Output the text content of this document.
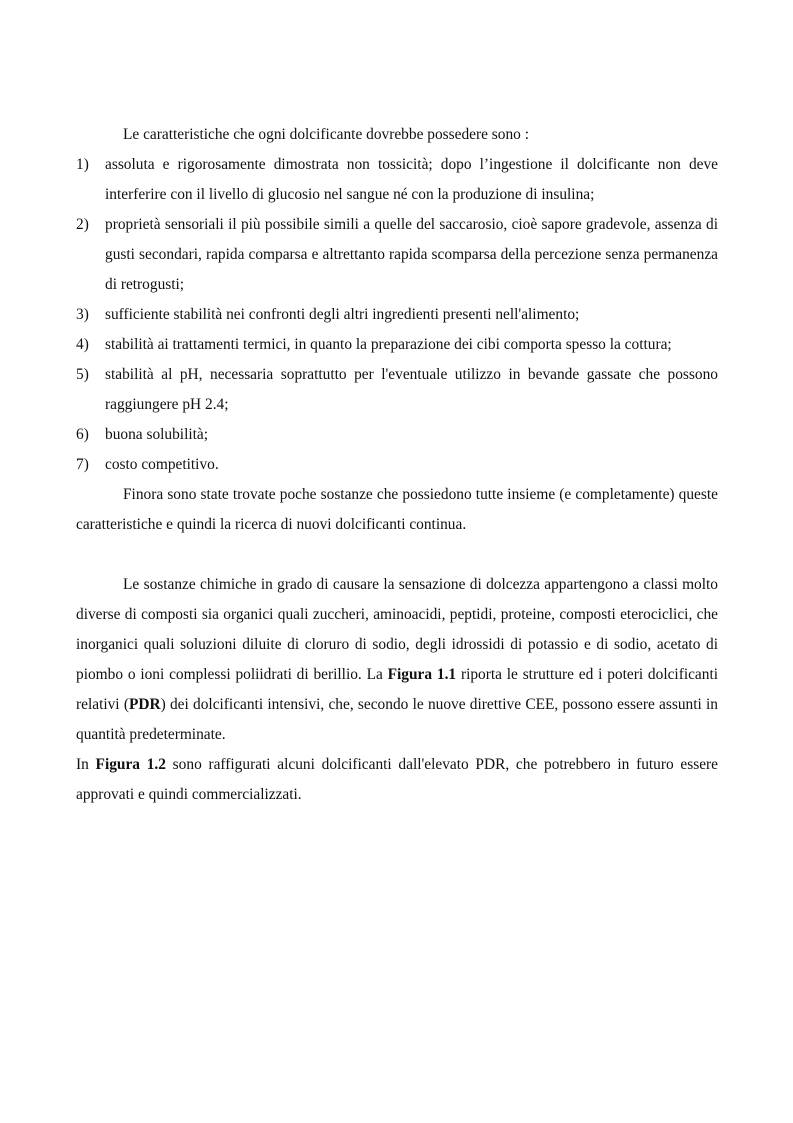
Le caratteristiche che ogni dolcificante dovrebbe possedere sono :

1) assoluta e rigorosamente dimostrata non tossicità; dopo l’ingestione il dolcificante non deve interferire con il livello di glucosio nel sangue né con la produzione di insulina;
2) proprietà sensoriali il più possibile simili a quelle del saccarosio, cioè sapore gradevole, assenza di gusti secondari, rapida comparsa e altrettanto rapida scomparsa della percezione senza permanenza di retrogusti;
3) sufficiente stabilità nei confronti degli altri ingredienti presenti nell'alimento;
4) stabilità ai trattamenti termici, in quanto la preparazione dei cibi comporta spesso la cottura;
5) stabilità al pH, necessaria soprattutto per l'eventuale utilizzo in bevande gassate che possono raggiungere pH 2.4;
6) buona solubilità;
7) costo competitivo.

Finora sono state trovate poche sostanze che possiedono tutte insieme (e completamente) queste caratteristiche e quindi la ricerca di nuovi dolcificanti continua.

Le sostanze chimiche in grado di causare la sensazione di dolcezza appartengono a classi molto diverse di composti sia organici quali zuccheri, aminoacidi, peptidi, proteine, composti eterociclici, che inorganici quali soluzioni diluite di cloruro di sodio, degli idrossidi di potassio e di sodio, acetato di piombo o ioni complessi poliidrati di berillio. La Figura 1.1 riporta le strutture ed i poteri dolcificanti relativi (PDR) dei dolcificanti intensivi, che, secondo le nuove direttive CEE, possono essere assunti in quantità predeterminate.

In Figura 1.2 sono raffigurati alcuni dolcificanti dall'elevato PDR, che potrebbero in futuro essere approvati e quindi commercializzati.
